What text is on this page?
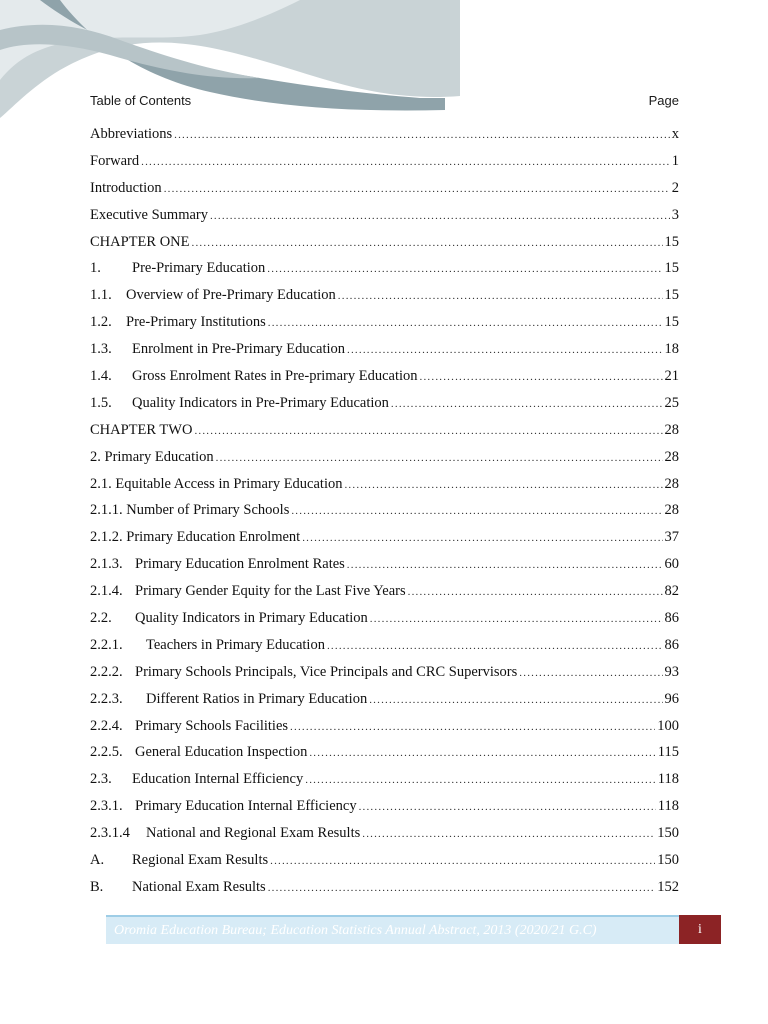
Table of Contents	Page
Abbreviations .....	x
Forward .....	1
Introduction .....	2
Executive Summary .....	3
CHAPTER ONE .....	15
1.	Pre-Primary Education .....	15
1.1. Overview of Pre-Primary Education .....	15
1.2. Pre-Primary Institutions .....	15
1.3.	Enrolment in Pre-Primary Education .....	18
1.4.	Gross Enrolment Rates in Pre-primary Education .....	21
1.5.	Quality Indicators in Pre-Primary Education .....	25
CHAPTER TWO .....	28
2. Primary Education .....	28
2.1. Equitable Access in Primary Education .....	28
2.1.1. Number of Primary Schools .....	28
2.1.2. Primary Education Enrolment .....	37
2.1.3. Primary Education Enrolment Rates .....	60
2.1.4. Primary Gender Equity for the Last Five Years .....	82
2.2.	Quality Indicators in Primary Education .....	86
2.2.1.	Teachers in Primary Education .....	86
2.2.2. Primary Schools Principals, Vice Principals and CRC Supervisors .....	93
2.2.3.	Different Ratios in Primary Education .....	96
2.2.4. Primary Schools Facilities .....	100
2.2.5. General Education Inspection .....	115
2.3.	Education Internal Efficiency .....	118
2.3.1. Primary Education Internal Efficiency .....	118
2.3.1.4	National and Regional Exam Results .....	150
A.	Regional Exam Results .....	150
B.	National Exam Results .....	152
Oromia Education Bureau; Education Statistics Annual Abstract, 2013 (2020/21 G.C)	i
